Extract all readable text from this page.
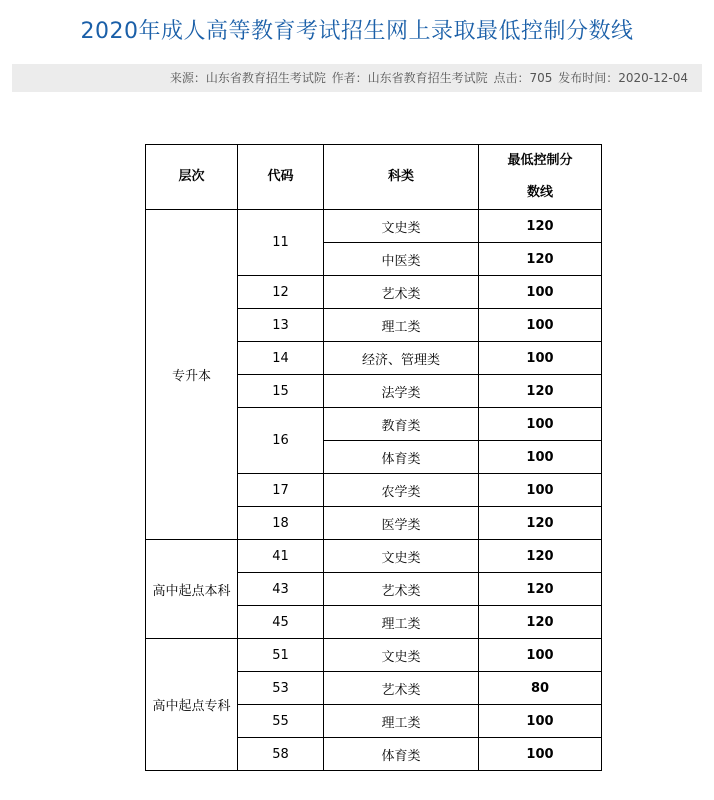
2020年成人高等教育考试招生网上录取最低控制分数线
来源：山东省教育招生考试院 作者：山东省教育招生考试院 点击：705 发布时间：2020-12-04
层次	代码	科类	最低控制分数线

专升本	11	文史类	120
		中医类	120
	12	艺术类	100
	13	理工类	100
	14	经济、管理类	100
	15	法学类	120
	16	教育类	100
		体育类	100
	17	农学类	100
	18	医学类	120
高中起点本科	41	文史类	120
	43	艺术类	120
	45	理工类	120
高中起点专科	51	文史类	100
	53	艺术类	80
	55	理工类	100
	58	体育类	100
